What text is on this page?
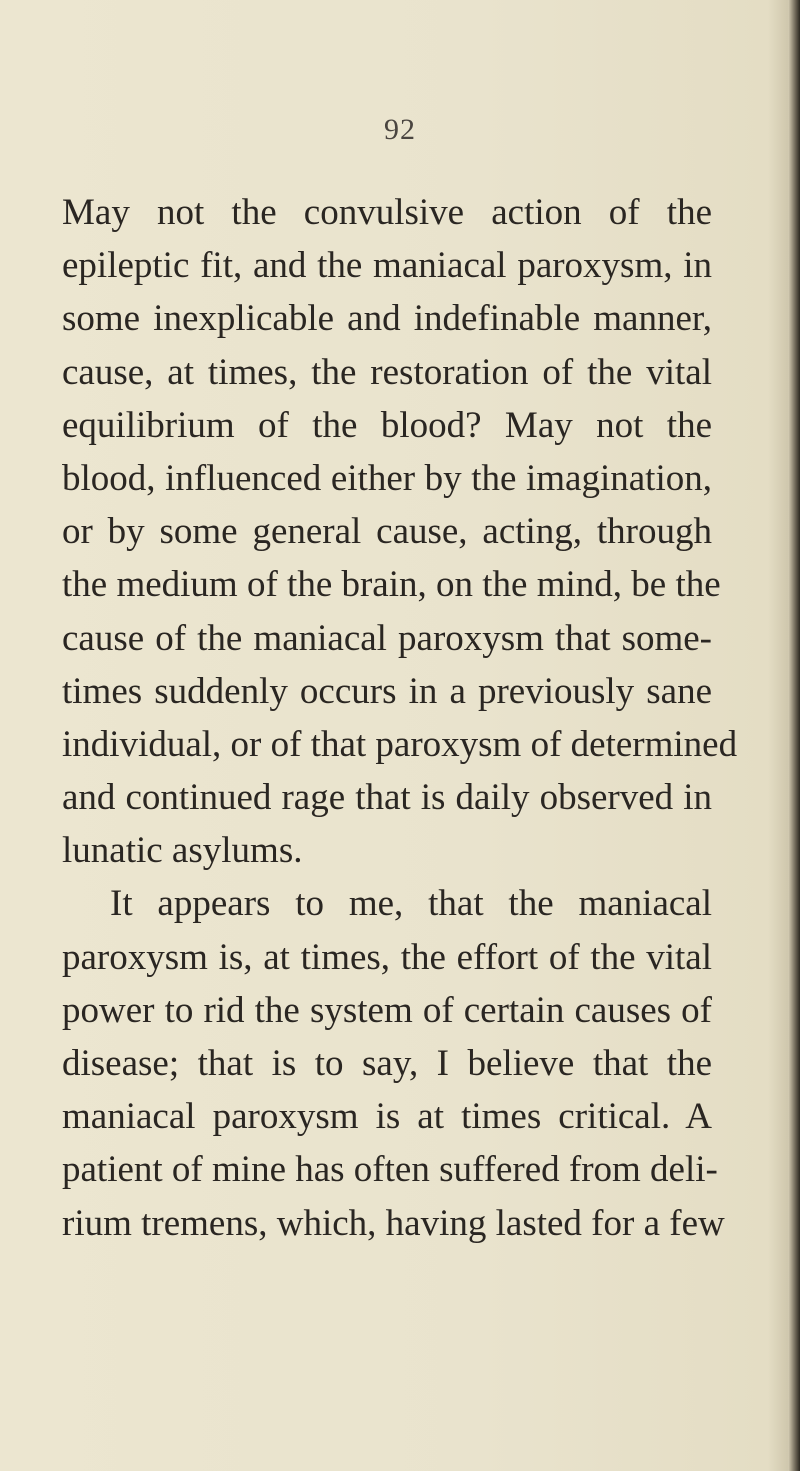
92
May not the convulsive action of the
epileptic fit, and the maniacal paroxysm, in
some inexplicable and indefinable manner,
cause, at times, the restoration of the vital
equilibrium of the blood? May not the
blood, influenced either by the imagination,
or by some general cause, acting, through
the medium of the brain, on the mind, be the
cause of the maniacal paroxysm that some-
times suddenly occurs in a previously sane
individual, or of that paroxysm of determined
and continued rage that is daily observed in
lunatic asylums.
It appears to me, that the maniacal
paroxysm is, at times, the effort of the vital
power to rid the system of certain causes of
disease; that is to say, I believe that the
maniacal paroxysm is at times critical. A
patient of mine has often suffered from deli-
rium tremens, which, having lasted for a few
